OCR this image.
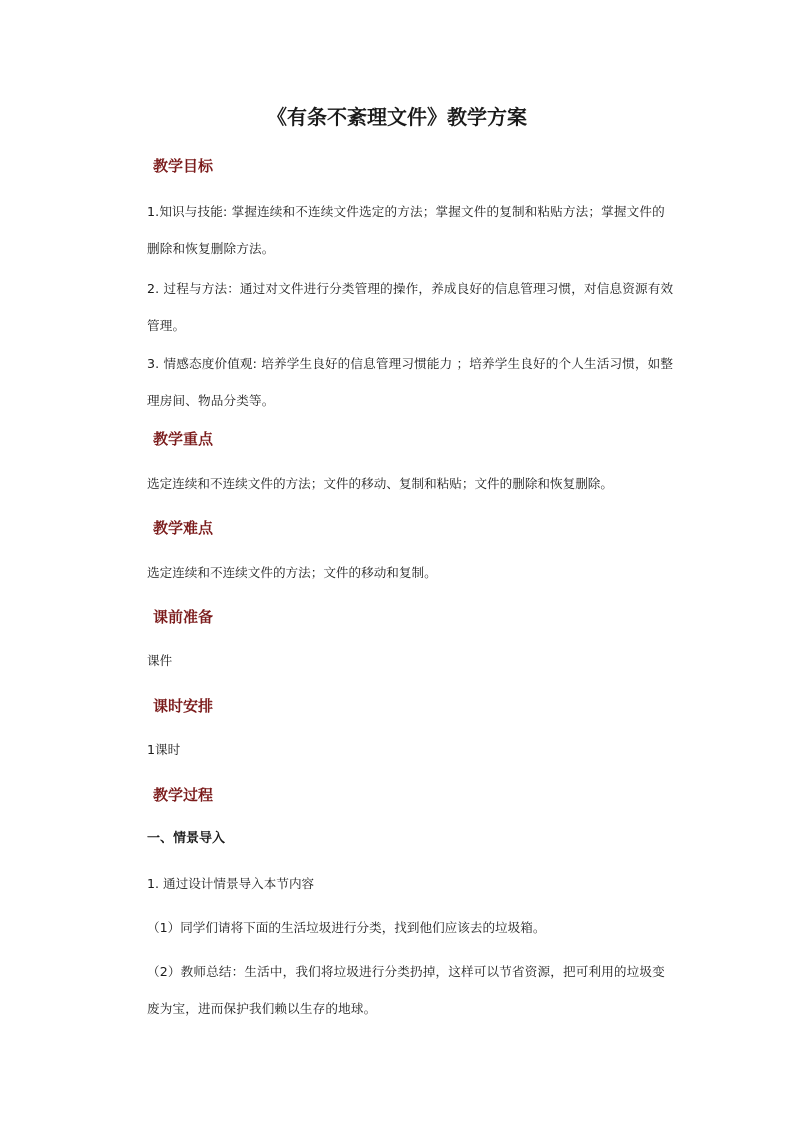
《有条不紊理文件》教学方案
教学目标
1.知识与技能: 掌握连续和不连续文件选定的方法；掌握文件的复制和粘贴方法；掌握文件的删除和恢复删除方法。
2. 过程与方法：通过对文件进行分类管理的操作，养成良好的信息管理习惯，对信息资源有效管理。
3. 情感态度价值观: 培养学生良好的信息管理习惯能力 ；培养学生良好的个人生活习惯，如整理房间、物品分类等。
教学重点
选定连续和不连续文件的方法；文件的移动、复制和粘贴；文件的删除和恢复删除。
教学难点
选定连续和不连续文件的方法；文件的移动和复制。
课前准备
课件
课时安排
1课时
教学过程
一、情景导入
1. 通过设计情景导入本节内容
（1）同学们请将下面的生活垃圾进行分类，找到他们应该去的垃圾箱。
（2）教师总结：生活中，我们将垃圾进行分类扔掉，这样可以节省资源，把可利用的垃圾变废为宝，进而保护我们赖以生存的地球。
